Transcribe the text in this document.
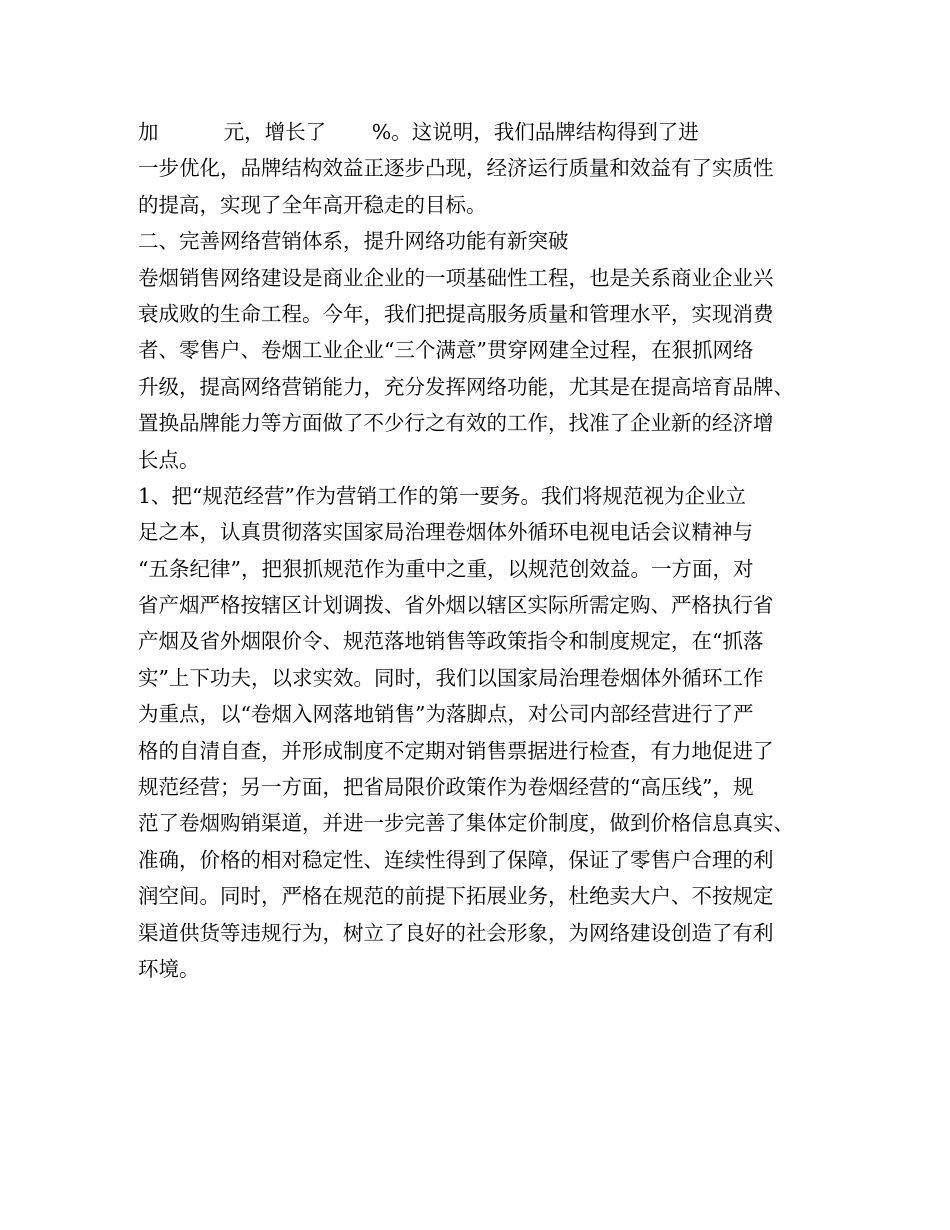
加          元，增长了       %。这说明，我们品牌结构得到了进
一步优化，品牌结构效益正逐步凸现，经济运行质量和效益有了实质性
的提高，实现了全年高开稳走的目标。
二、完善网络营销体系，提升网络功能有新突破
卷烟销售网络建设是商业企业的一项基础性工程，也是关系商业企业兴
衰成败的生命工程。今年，我们把提高服务质量和管理水平，实现消费
者、零售户、卷烟工业企业“三个满意”贯穿网建全过程，在狠抓网络
升级，提高网络营销能力，充分发挥网络功能，尤其是在提高培育品牌、
置换品牌能力等方面做了不少行之有效的工作，找准了企业新的经济增
长点。
1、把“规范经营”作为营销工作的第一要务。我们将规范视为企业立
足之本，认真贯彻落实国家局治理卷烟体外循环电视电话会议精神与
“五条纪律”，把狠抓规范作为重中之重，以规范创效益。一方面，对
省产烟严格按辖区计划调拨、省外烟以辖区实际所需定购、严格执行省
产烟及省外烟限价令、规范落地销售等政策指令和制度规定，在“抓落
实”上下功夫，以求实效。同时，我们以国家局治理卷烟体外循环工作
为重点，以“卷烟入网落地销售”为落脚点，对公司内部经营进行了严
格的自清自查，并形成制度不定期对销售票据进行检查，有力地促进了
规范经营；另一方面，把省局限价政策作为卷烟经营的“高压线”，规
范了卷烟购销渠道，并进一步完善了集体定价制度，做到价格信息真实、
准确，价格的相对稳定性、连续性得到了保障，保证了零售户合理的利
润空间。同时，严格在规范的前提下拓展业务，杜绝卖大户、不按规定
渠道供货等违规行为，树立了良好的社会形象，为网络建设创造了有利
环境。
